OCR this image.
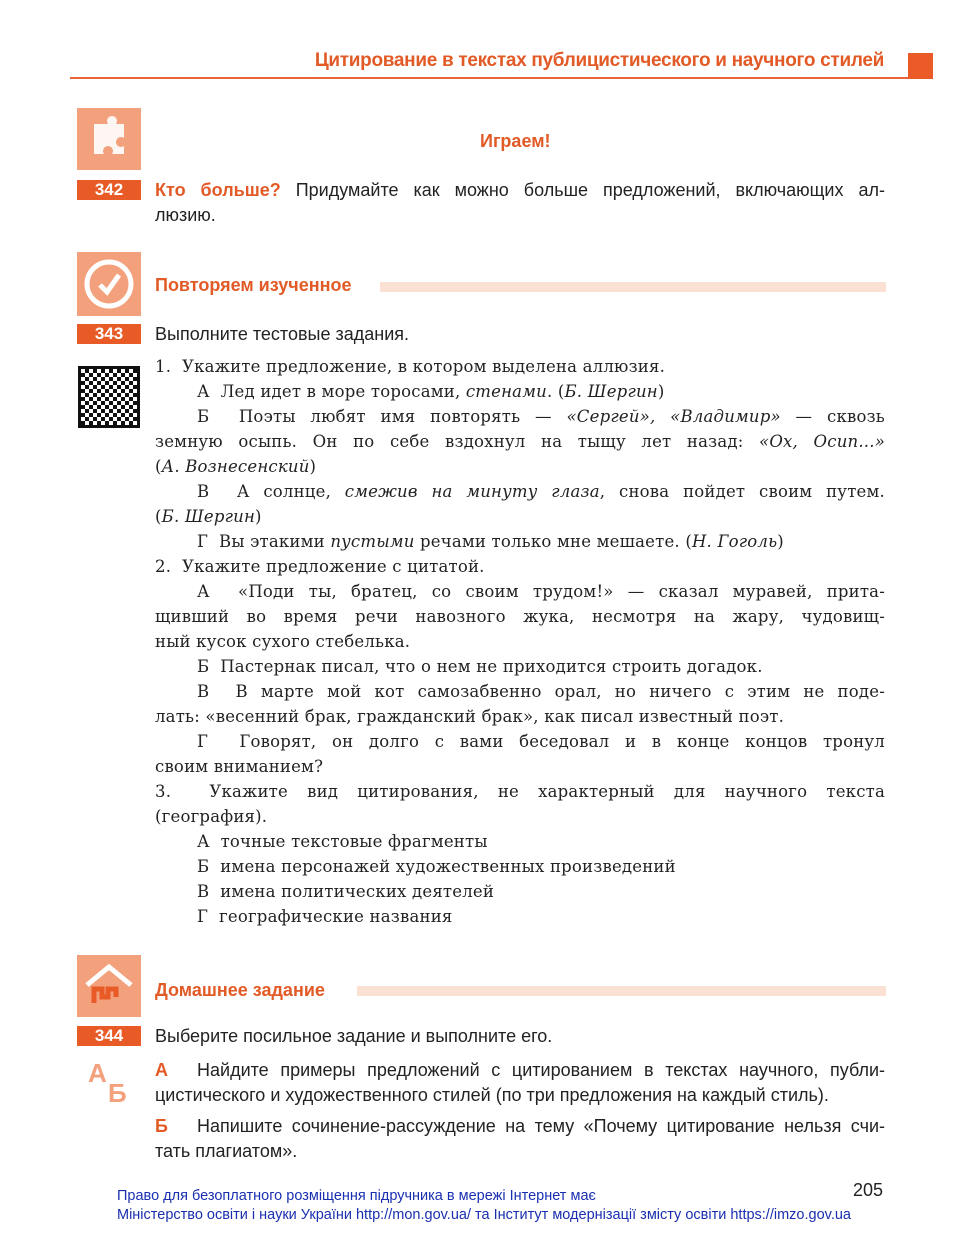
Цитирование в текстах публицистического и научного стилей
Играем!
342	Кто больше? Придумайте как можно больше предложений, включающих ал-
люзию.
Повторяем изученное
343	Выполните тестовые задания.
1.  Укажите предложение, в котором выделена аллюзия.
А  Лед идет в море торосами, стенами. (Б. Шергин)
Б  Поэты любят имя повторять — «Сергей», «Владимир» — сквозь
земную осыпь. Он по себе вздохнул на тыщу лет назад: «Ох, Осип...»
(А. Вознесенский)
В  А солнце, смежив на минуту глаза, снова пойдет своим путем.
(Б. Шергин)
Г  Вы этакими пустыми речами только мне мешаете. (Н. Гоголь)
2.  Укажите предложение с цитатой.
А  «Поди ты, братец, со своим трудом!» — сказал муравей, прита-
щивший во время речи навозного жука, несмотря на жару, чудовищ-
ный кусок сухого стебелька.
Б  Пастернак писал, что о нем не приходится строить догадок.
В  В марте мой кот самозабвенно орал, но ничего с этим не поде-
лать: «весенний брак, гражданский брак», как писал известный поэт.
Г  Говорят, он долго с вами беседовал и в конце концов тронул
своим вниманием?
3.  Укажите вид цитирования, не характерный для научного текста
(география).
А  точные текстовые фрагменты
Б  имена персонажей художественных произведений
В  имена политических деятелей
Г  географические названия
Домашнее задание
344	Выберите посильное задание и выполните его.
А
Б
А Найдите примеры предложений с цитированием в текстах научного, публи-
цистического и художественного стилей (по три предложения на каждый стиль).
Б Напишите сочинение-рассуждение на тему «Почему цитирование нельзя счи-
тать плагиатом».
205
Право для безоплатного розміщення підручника в мережі Інтернет має
Міністерство освіти і науки України http://mon.gov.ua/ та Інститут модернізації змісту освіти https://imzo.gov.ua
